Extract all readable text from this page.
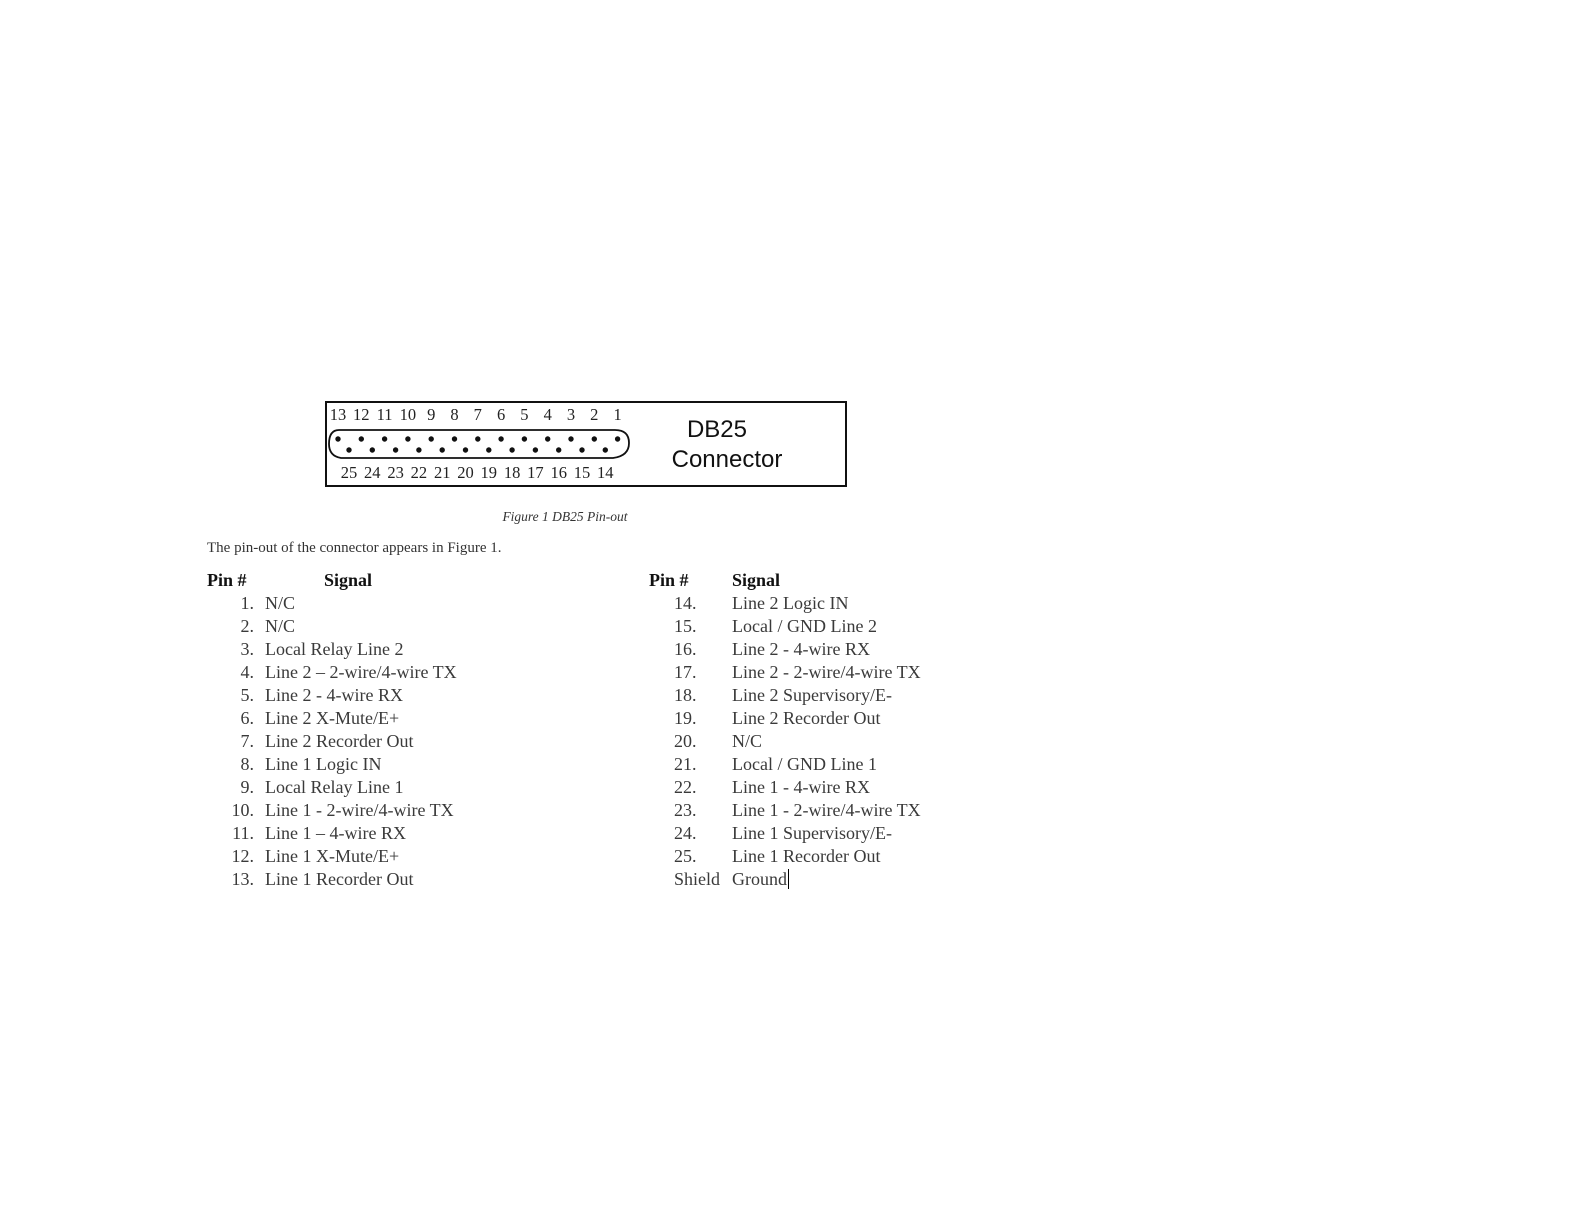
13 12 11 10 9 8 7 6 5 4 3 2 1
25 24 23 22 21 20 19 18 17 16 15 14
DB25
Connector
Figure 1 DB25 Pin-out
The pin-out of the connector appears in Figure 1.
Pin #	Signal
1. N/C
2. N/C
3. Local Relay Line 2
4. Line 2 – 2-wire/4-wire TX
5. Line 2 - 4-wire RX
6. Line 2 X-Mute/E+
7. Line 2 Recorder Out
8. Line 1 Logic IN
9. Local Relay Line 1
10. Line 1 - 2-wire/4-wire TX
11. Line 1 – 4-wire RX
12. Line 1 X-Mute/E+
13. Line 1 Recorder Out
Pin # Signal
14. Line 2 Logic IN
15. Local / GND Line 2
16. Line 2 - 4-wire RX
17. Line 2 - 2-wire/4-wire TX
18. Line 2 Supervisory/E-
19. Line 2 Recorder Out
20. N/C
21. Local / GND Line 1
22. Line 1 - 4-wire RX
23. Line 1 - 2-wire/4-wire TX
24. Line 1 Supervisory/E-
25. Line 1 Recorder Out
Shield Ground
